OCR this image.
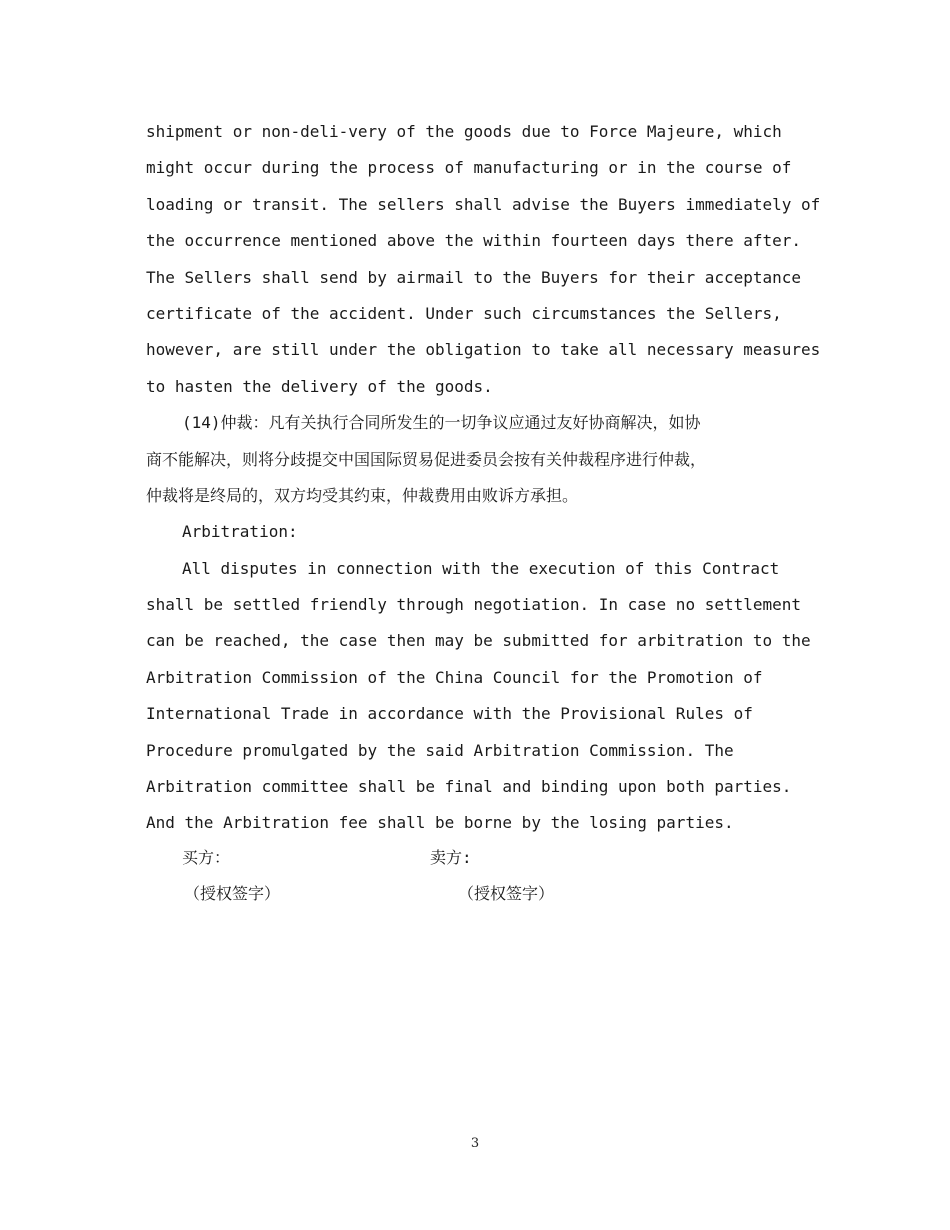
shipment or non-deli-very of the goods due to Force Majeure, which
might occur during the process of manufacturing or in the course of
loading or transit. The sellers shall advise the Buyers immediately of
the occurrence mentioned above the within fourteen days there after.
The Sellers shall send by airmail to the Buyers for their acceptance
certificate of the accident. Under such circumstances the Sellers,
however, are still under the obligation to take all necessary measures
to hasten the delivery of the goods.
(14)仲裁：凡有关执行合同所发生的一切争议应通过友好协商解决，如协
商不能解决，则将分歧提交中国国际贸易促进委员会按有关仲裁程序进行仲裁，
仲裁将是终局的，双方均受其约束，仲裁费用由败诉方承担。
Arbitration:
All disputes in connection with the execution of this Contract
shall be settled friendly through negotiation. In case no settlement
can be reached, the case then may be submitted for arbitration to the
Arbitration Commission of the China Council for the Promotion of
International Trade in accordance with the Provisional Rules of
Procedure promulgated by the said Arbitration Commission. The
Arbitration committee shall be final and binding upon both parties.
And the Arbitration fee shall be borne by the losing parties.
买方：	卖方:
（授权签字）	（授权签字）
3
